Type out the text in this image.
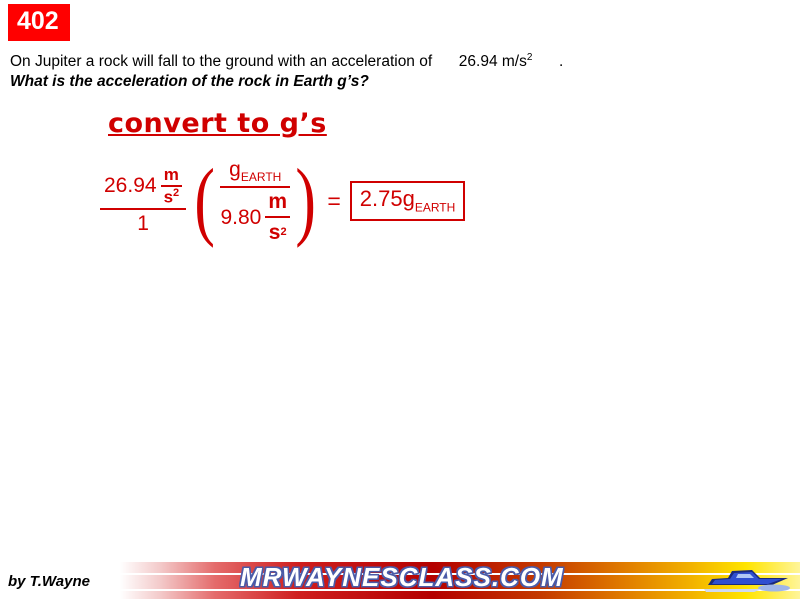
402
On Jupiter a rock will fall to the ground with an acceleration of 26.94 $m/s^2$ .
What is the acceleration of the rock in Earth g’s?
convert to g’s
$26.94 \frac{m}{s^2}$
1 ( $\frac{g_{EARTH}}{9.80 \frac{m}{s 2}}$ ) = $2.75g_{EARTH}$
by T.Wayne	MRWAYNESCLASS.COM
